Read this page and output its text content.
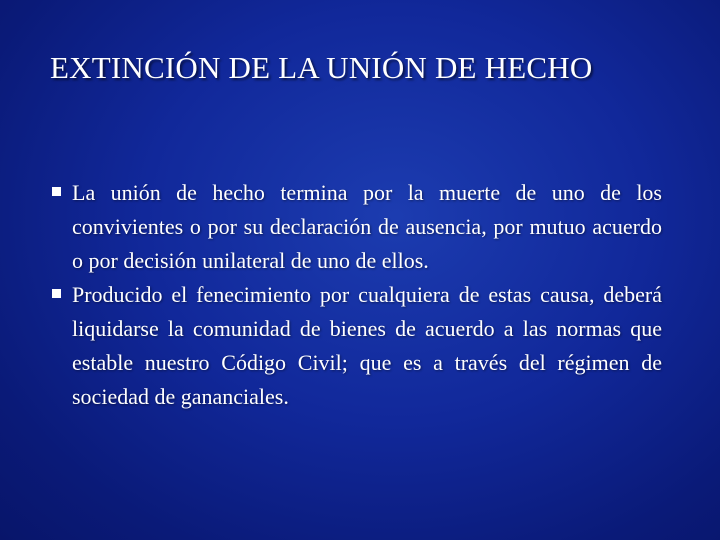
EXTINCIÓN DE LA UNIÓN DE HECHO
La unión de hecho termina por la muerte de uno de los convivientes o por su declaración de ausencia, por mutuo acuerdo o por decisión unilateral de uno de ellos.
Producido el fenecimiento por cualquiera de estas causa, deberá liquidarse la comunidad de bienes de acuerdo a las normas que estable nuestro Código Civil; que es a través del régimen de sociedad de gananciales.
